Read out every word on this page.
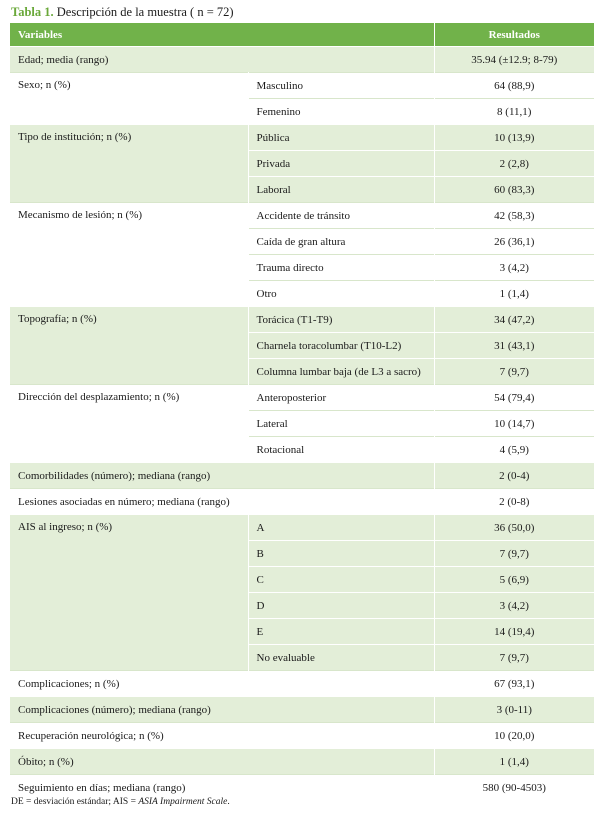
Tabla 1. Descripción de la muestra ( n = 72)
Variables		Resultados
Edad; media (rango)		35.94 (±12.9; 8-79)
Sexo; n (%)	Masculino	64 (88,9)
	Femenino	8 (11,1)
Tipo de institución; n (%)	Pública	10 (13,9)
	Privada	2 (2,8)
	Laboral	60 (83,3)
Mecanismo de lesión; n (%)	Accidente de tránsito	42 (58,3)
	Caída de gran altura	26 (36,1)
	Trauma directo	3 (4,2)
	Otro	1 (1,4)
Topografía; n (%)	Torácica (T1-T9)	34 (47,2)
	Charnela toracolumbar (T10-L2)	31 (43,1)
	Columna lumbar baja (de L3 a sacro)	7 (9,7)
Dirección del desplazamiento; n (%)	Anteroposterior	54 (79,4)
	Lateral	10 (14,7)
	Rotacional	4 (5,9)
Comorbilidades (número); mediana (rango)		2 (0-4)
Lesiones asociadas en número; mediana (rango)		2 (0-8)
AIS al ingreso; n (%)	A	36 (50,0)
	B	7 (9,7)
	C	5 (6,9)
	D	3 (4,2)
	E	14 (19,4)
	No evaluable	7 (9,7)
Complicaciones; n (%)		67 (93,1)
Complicaciones (número); mediana (rango)		3 (0-11)
Recuperación neurológica; n (%)		10 (20,0)
Óbito; n (%)		1 (1,4)
Seguimiento en días; mediana (rango)		580 (90-4503)
DE = desviación estándar; AIS = ASIA Impairment Scale.
